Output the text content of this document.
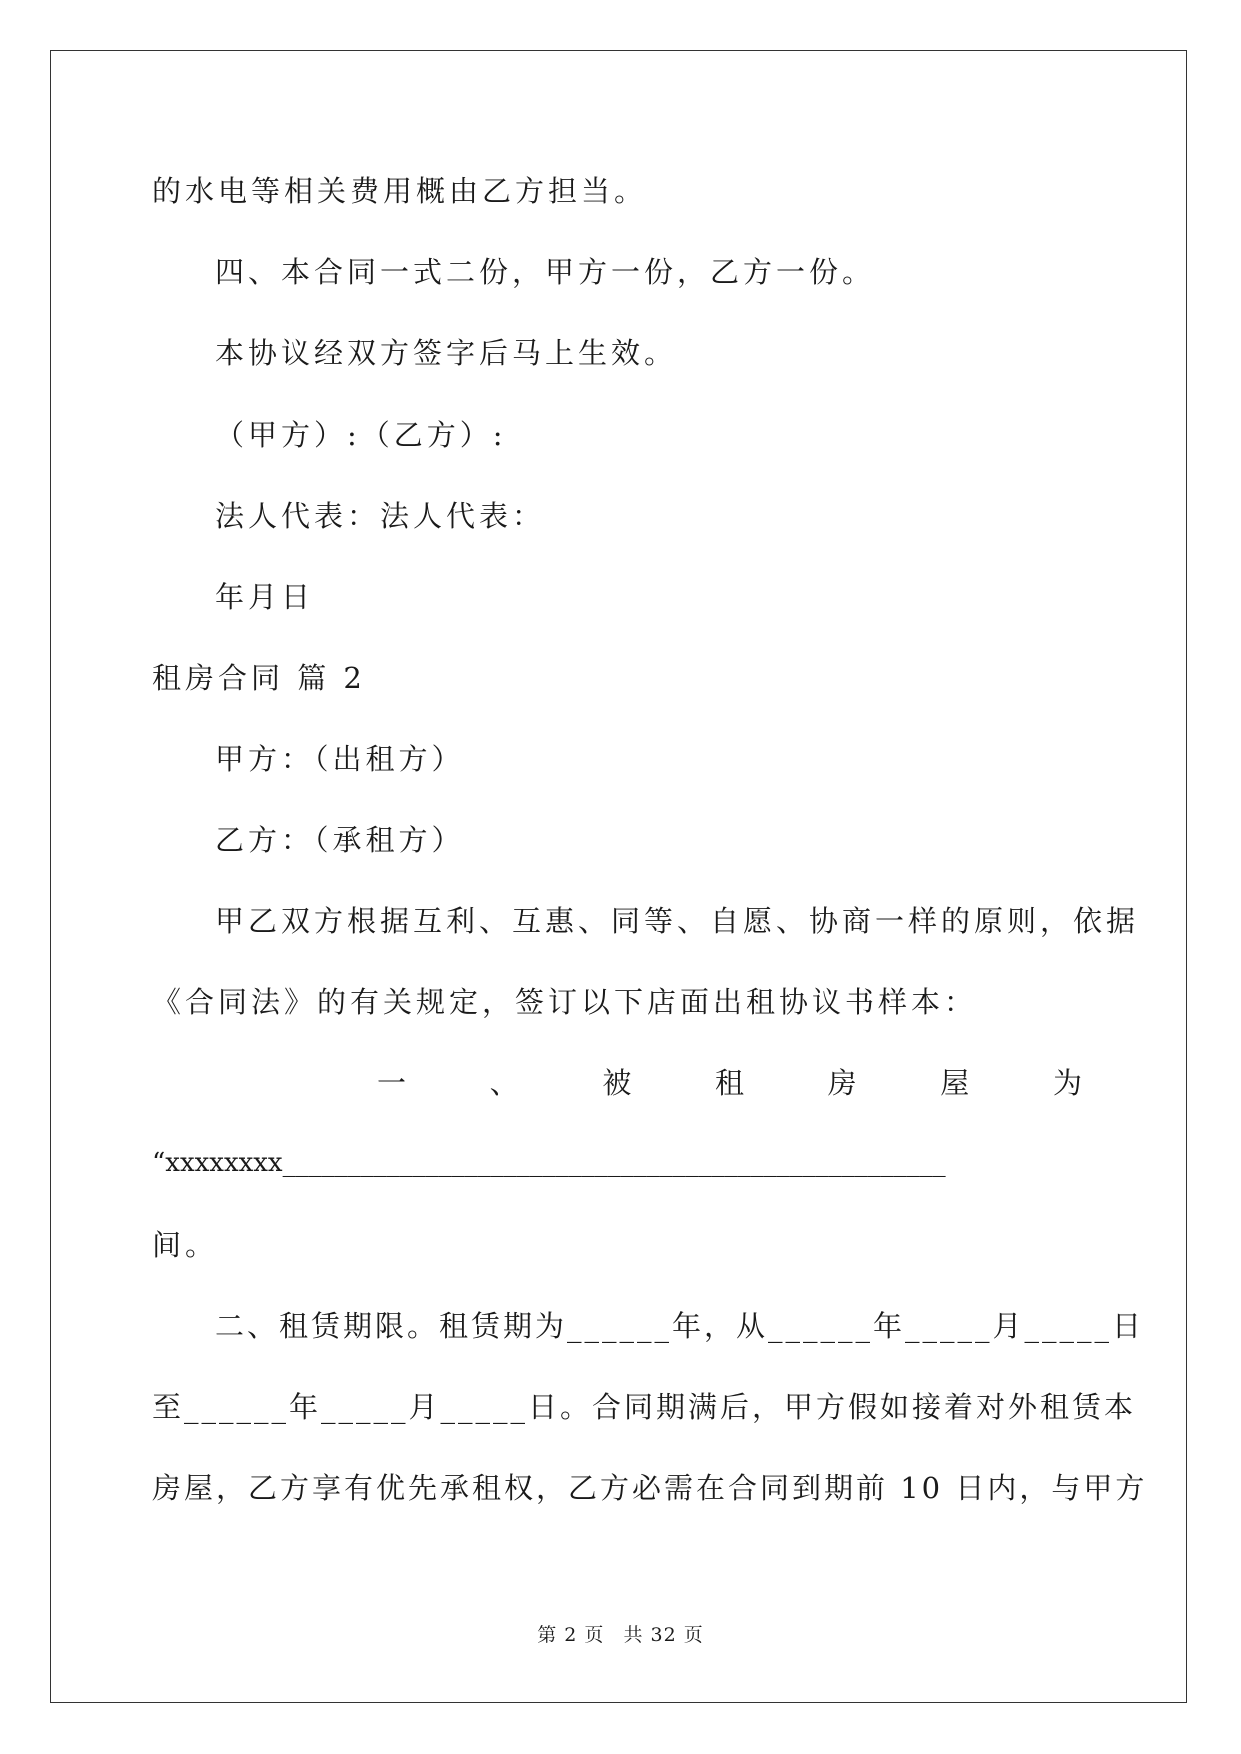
的水电等相关费用概由乙方担当。
四、本合同一式二份，甲方一份，乙方一份。
本协议经双方签字后马上生效。
（甲方）:（乙方）:
法人代表：法人代表：
年月日
租房合同 篇 2
甲方：（出租方）
乙方：（承租方）
甲乙双方根据互利、互惠、同等、自愿、协商一样的原则，依据
《合同法》的有关规定，签订以下店面出租协议书样本：
一	、	被	租	房	屋	为
“xxxxxxxx___________________________________________________
间。
二、租赁期限。租赁期为______年，从______年_____月_____日
至______年_____月_____日。合同期满后，甲方假如接着对外租赁本
房屋，乙方享有优先承租权，乙方必需在合同到期前 10 日内，与甲方
第 2 页 共 32 页
